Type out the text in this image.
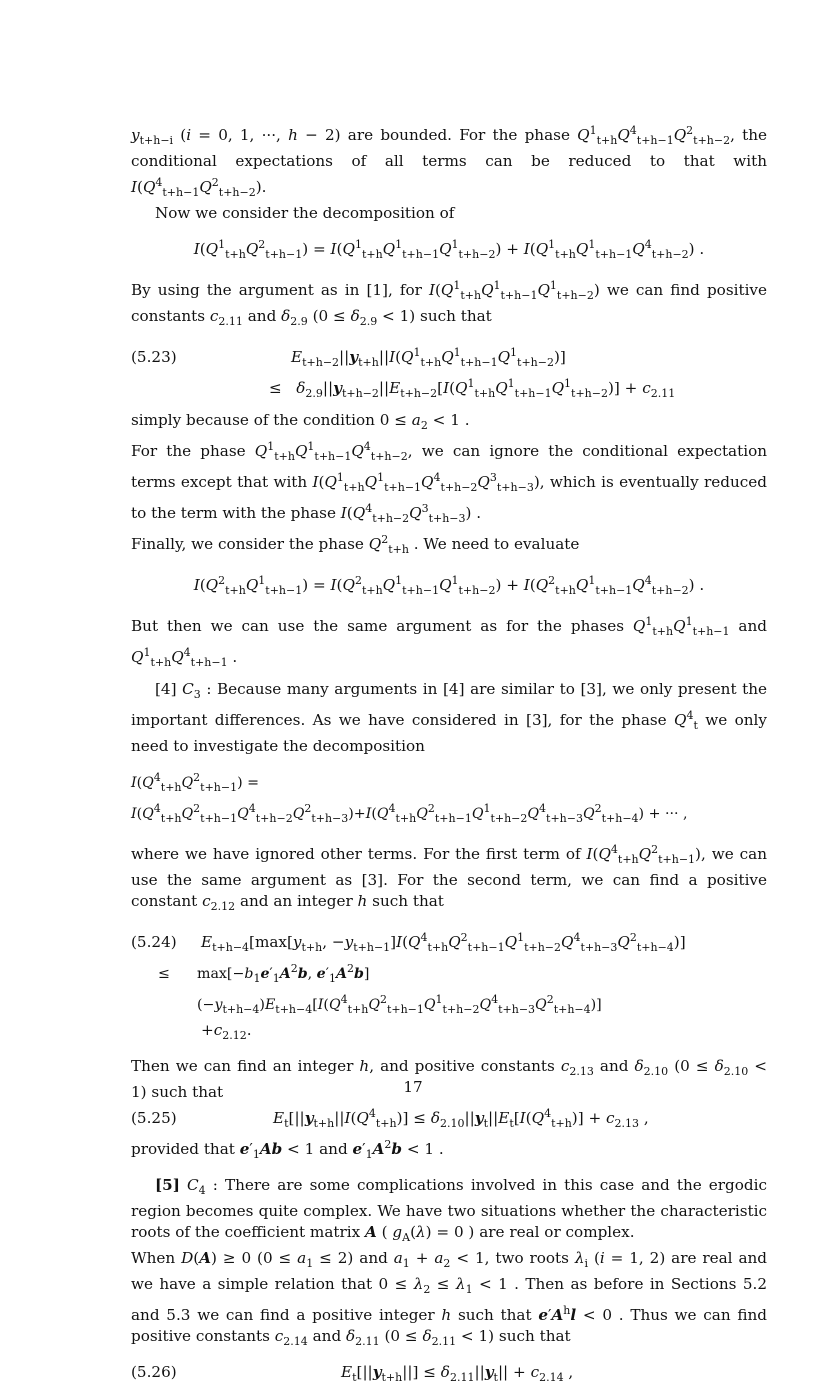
$y_{t+h-i}$ (i = 0, 1, ···, h − 2) are bounded. For the phase $Q^1_{t+h}Q^4_{t+h-1}Q^2_{t+h-2}$, the conditional expectations of all terms can be reduced to that with $I(Q^4_{t+h-1}Q^2_{t+h-2})$.

Now we consider the decomposition of

$I(Q^1_{t+h}Q^2_{t+h-1}) = I(Q^1_{t+h}Q^1_{t+h-1}Q^1_{t+h-2}) + I(Q^1_{t+h}Q^1_{t+h-1}Q^4_{t+h-2})$ .

By using the argument as in [1], for $I(Q^1_{t+h}Q^1_{t+h-1}Q^1_{t+h-2})$ we can find positive constants $c_{2.11}$ and $\delta_{2.9}$ $(0 \le \delta_{2.9} < 1)$ such that

(5.23)	$E_{t+h-2}||y_{t+h}||I(Q^1_{t+h}Q^1_{t+h-1}Q^1_{t+h-2})$]
≤   $\delta_{2.9}||y_{t+h-2}||E_{t+h-2}[I(Q^1_{t+h}Q^1_{t+h-1}Q^1_{t+h-2})] + c_{2.11}$

simply because of the condition $0 \le a_2 < 1$ .

For the phase $Q^1_{t+h}Q^1_{t+h-1}Q^4_{t+h-2}$, we can ignore the conditional expectation terms except that with $I(Q^1_{t+h}Q^1_{t+h-1}Q^4_{t+h-2}Q^3_{t+h-3})$, which is eventually reduced to the term with the phase $I(Q^4_{t+h-2}Q^3_{t+h-3})$ .

Finally, we consider the phase $Q^2_{t+h}$ . We need to evaluate

$I(Q^2_{t+h}Q^1_{t+h-1}) = I(Q^2_{t+h}Q^1_{t+h-1}Q^1_{t+h-2}) + I(Q^2_{t+h}Q^1_{t+h-1}Q^4_{t+h-2})$ .

But then we can use the same argument as for the phases $Q^1_{t+h}Q^1_{t+h-1}$ and $Q^1_{t+h}Q^4_{t+h-1}$ .

[4] $C_3$ : Because many arguments in [4] are similar to [3], we only present the important differences. As we have considered in [3], for the phase $Q^4_t$ we only need to investigate the decomposition

$I(Q^4_{t+h}Q^2_{t+h-1}) = I(Q^4_{t+h}Q^2_{t+h-1}Q^4_{t+h-2}Q^2_{t+h-3})+I(Q^4_{t+h}Q^2_{t+h-1}Q^1_{t+h-2}Q^4_{t+h-3}Q^2_{t+h-4})$ + ··· ,

where we have ignored other terms. For the first term of $I(Q^4_{t+h}Q^2_{t+h-1})$, we can use the same argument as [3]. For the second term, we can find a positive constant $c_{2.12}$ and an integer h such that

(5.24)	$E_{t+h-4}[\max[y_{t+h}$, $-y_{t+h-1}]I(Q^4_{t+h}Q^2_{t+h-1}Q^1_{t+h-2}Q^4_{t+h-3}Q^2_{t+h-4})$]
≤	$\max[-b_1e'_1A^2b$, $e'_1A^2b](-y_{t+h-4})E_{t+h-4}[I(Q^4_{t+h}Q^2_{t+h-1}Q^1_{t+h-2}Q^4_{t+h-3}Q^2_{t+h-4})]$
$+c_{2.12}$.

Then we can find an integer h, and positive constants $c_{2.13}$ and $\delta_{2.10}$ $(0 \le \delta_{2.10} < 1)$ such that

(5.25)	$E_t[||y_{t+h}||I(Q^4_{t+h})] \le \delta_{2.10}||y_t||E_t[I(Q^4_{t+h})] + c_{2.13}$ ,

provided that $e'_1Ab < 1$ and $e'_1A^2b < 1$ .

[5] $C_4$ : There are some complications involved in this case and the ergodic region becomes quite complex. We have two situations whether the characteristic roots of the coefficient matrix A ( $g_A(\lambda) = 0$ ) are real or complex.

When D(A) ≥ 0 $(0 \le a_1 \le 2)$ and $a_1 + a_2 < 1$, two roots $\lambda_i$ (i = 1, 2) are real and we have a simple relation that $0 \le \lambda_2 \le \lambda_1 < 1$ . Then as before in Sections 5.2 and 5.3 we can find a positive integer h such that $e'A^hl < 0$ . Thus we can find positive constants $c_{2.14}$ and $\delta_{2.11}$ $(0 \le \delta_{2.11} < 1)$ such that

(5.26)	$E_t[||y_{t+h}||] \le \delta_{2.11}||y_t|| + c_{2.14}$ ,
17
